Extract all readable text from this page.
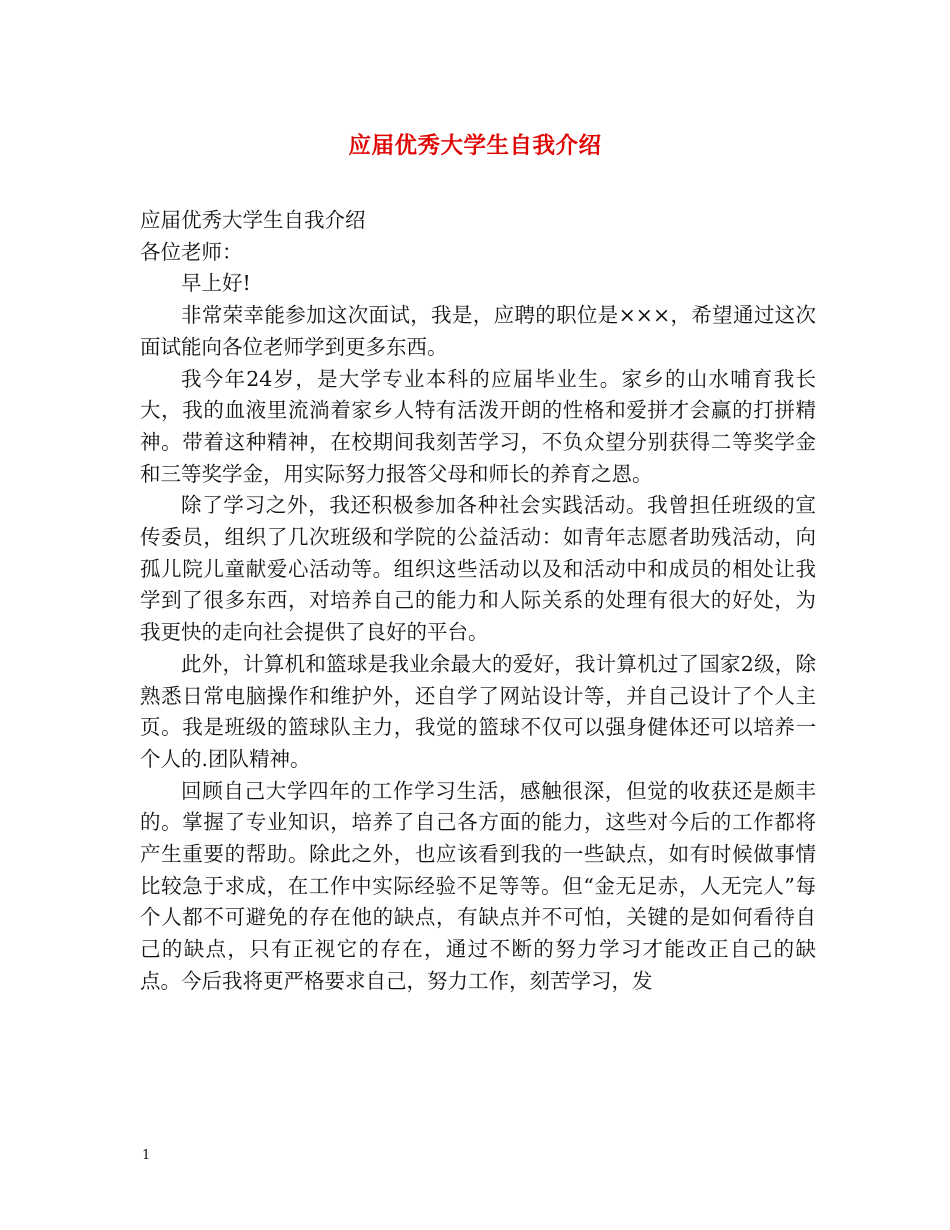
应届优秀大学生自我介绍

应届优秀大学生自我介绍

各位老师：

早上好!

非常荣幸能参加这次面试，我是，应聘的职位是×××，希望通过这次面试能向各位老师学到更多东西。

我今年24岁，是大学专业本科的应届毕业生。家乡的山水哺育我长大，我的血液里流淌着家乡人特有活泼开朗的性格和爱拼才会赢的打拼精神。带着这种精神，在校期间我刻苦学习，不负众望分别获得二等奖学金和三等奖学金，用实际努力报答父母和师长的养育之恩。

除了学习之外，我还积极参加各种社会实践活动。我曾担任班级的宣传委员，组织了几次班级和学院的公益活动：如青年志愿者助残活动，向孤儿院儿童献爱心活动等。组织这些活动以及和活动中和成员的相处让我学到了很多东西，对培养自己的能力和人际关系的处理有很大的好处，为我更快的走向社会提供了良好的平台。

此外，计算机和篮球是我业余最大的爱好，我计算机过了国家2级，除熟悉日常电脑操作和维护外，还自学了网站设计等，并自己设计了个人主页。我是班级的篮球队主力，我觉的篮球不仅可以强身健体还可以培养一个人的.团队精神。

回顾自己大学四年的工作学习生活，感触很深，但觉的收获还是颇丰的。掌握了专业知识，培养了自己各方面的能力，这些对今后的工作都将产生重要的帮助。除此之外，也应该看到我的一些缺点，如有时候做事情比较急于求成，在工作中实际经验不足等等。但“金无足赤，人无完人”每个人都不可避免的存在他的缺点，有缺点并不可怕，关键的是如何看待自己的缺点，只有正视它的存在，通过不断的努力学习才能改正自己的缺点。今后我将更严格要求自己，努力工作，刻苦学习，发

1
